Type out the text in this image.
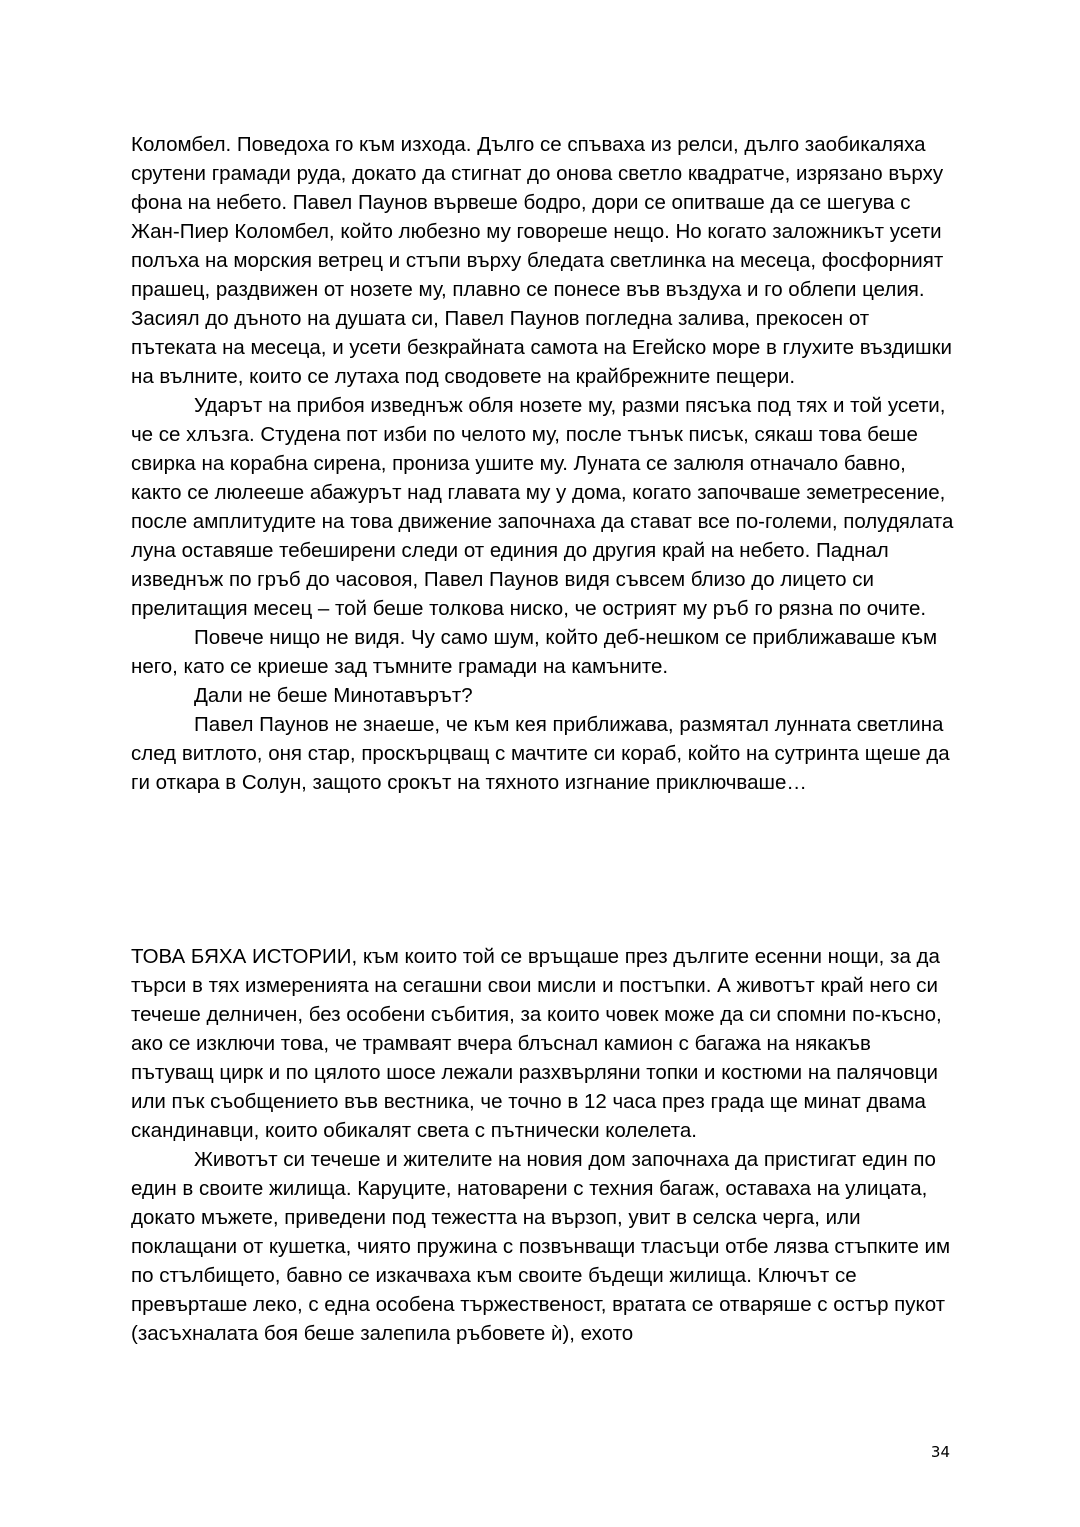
Коломбел. Поведоха го към изхода. Дълго се спъваха из релси, дълго заобикаляха срутени грамади руда, докато да стигнат до онова светло квадратче, изрязано върху фона на небето. Павел Паунов вървеше бодро, дори се опитваше да се шегува с Жан-Пиер Коломбел, който любезно му говореше нещо. Но когато заложникът усети полъха на морския ветрец и стъпи върху бледата светлинка на месеца, фосфорният прашец, раздвижен от нозете му, плавно се понесе във въздуха и го облепи целия. Засиял до дъното на душата си, Павел Паунов погледна залива, прекосен от пътеката на месеца, и усети безкрайната самота на Егейско море в глухите въздишки на вълните, които се лутаха под сводовете на крайбрежните пещери.

Ударът на прибоя изведнъж обля нозете му, разми пясъка под тях и той усети, че се хлъзга. Студена пот изби по челото му, после тънък писък, сякаш това беше свирка на корабна сирена, прониза ушите му. Луната се залюля отначало бавно, както се люлееше абажурът над главата му у дома, когато започваше земетресение, после амплитудите на това движение започнаха да стават все по-големи, полудялата луна оставяше тебеширени следи от единия до другия край на небето. Паднал изведнъж по гръб до часовоя, Павел Паунов видя съвсем близо до лицето си прелитащия месец – той беше толкова ниско, че острият му ръб го рязна по очите.

Повече нищо не видя. Чу само шум, който деб-нешком се приближаваше към него, като се криеше зад тъмните грамади на камъните.

Дали не беше Минотавърът?

Павел Паунов не знаеше, че към кея приближава, размятал лунната светлина след витлото, оня стар, проскърцващ с мачтите си кораб, който на сутринта щеше да ги откара в Солун, защото срокът на тяхното изгнание приключваше…

ТОВА БЯХА ИСТОРИИ, към които той се връщаше през дългите есенни нощи, за да търси в тях измеренията на сегашни свои мисли и постъпки. А животът край него си течеше делничен, без особени събития, за които човек може да си спомни по-късно, ако се изключи това, че трамваят вчера блъснал камион с багажа на някакъв пътуващ цирк и по цялото шосе лежали разхвърляни топки и костюми на палячовци или пък съобщението във вестника, че точно в 12 часа през града ще минат двама скандинавци, които обикалят света с пътнически колелета.

Животът си течеше и жителите на новия дом започнаха да пристигат един по един в своите жилища. Каруците, натоварени с техния багаж, оставаха на улицата, докато мъжете, приведени под тежестта на вързоп, увит в селска черга, или поклащани от кушетка, чиято пружина с позвънващи тласъци отбе лязва стъпките им по стълбището, бавно се изкачваха към своите бъдещи жилища. Ключът се превърташе леко, с една особена тържественост, вратата се отваряше с остър пукот (засъхналата боя беше залепила ръбовете ѝ), ехото

34
